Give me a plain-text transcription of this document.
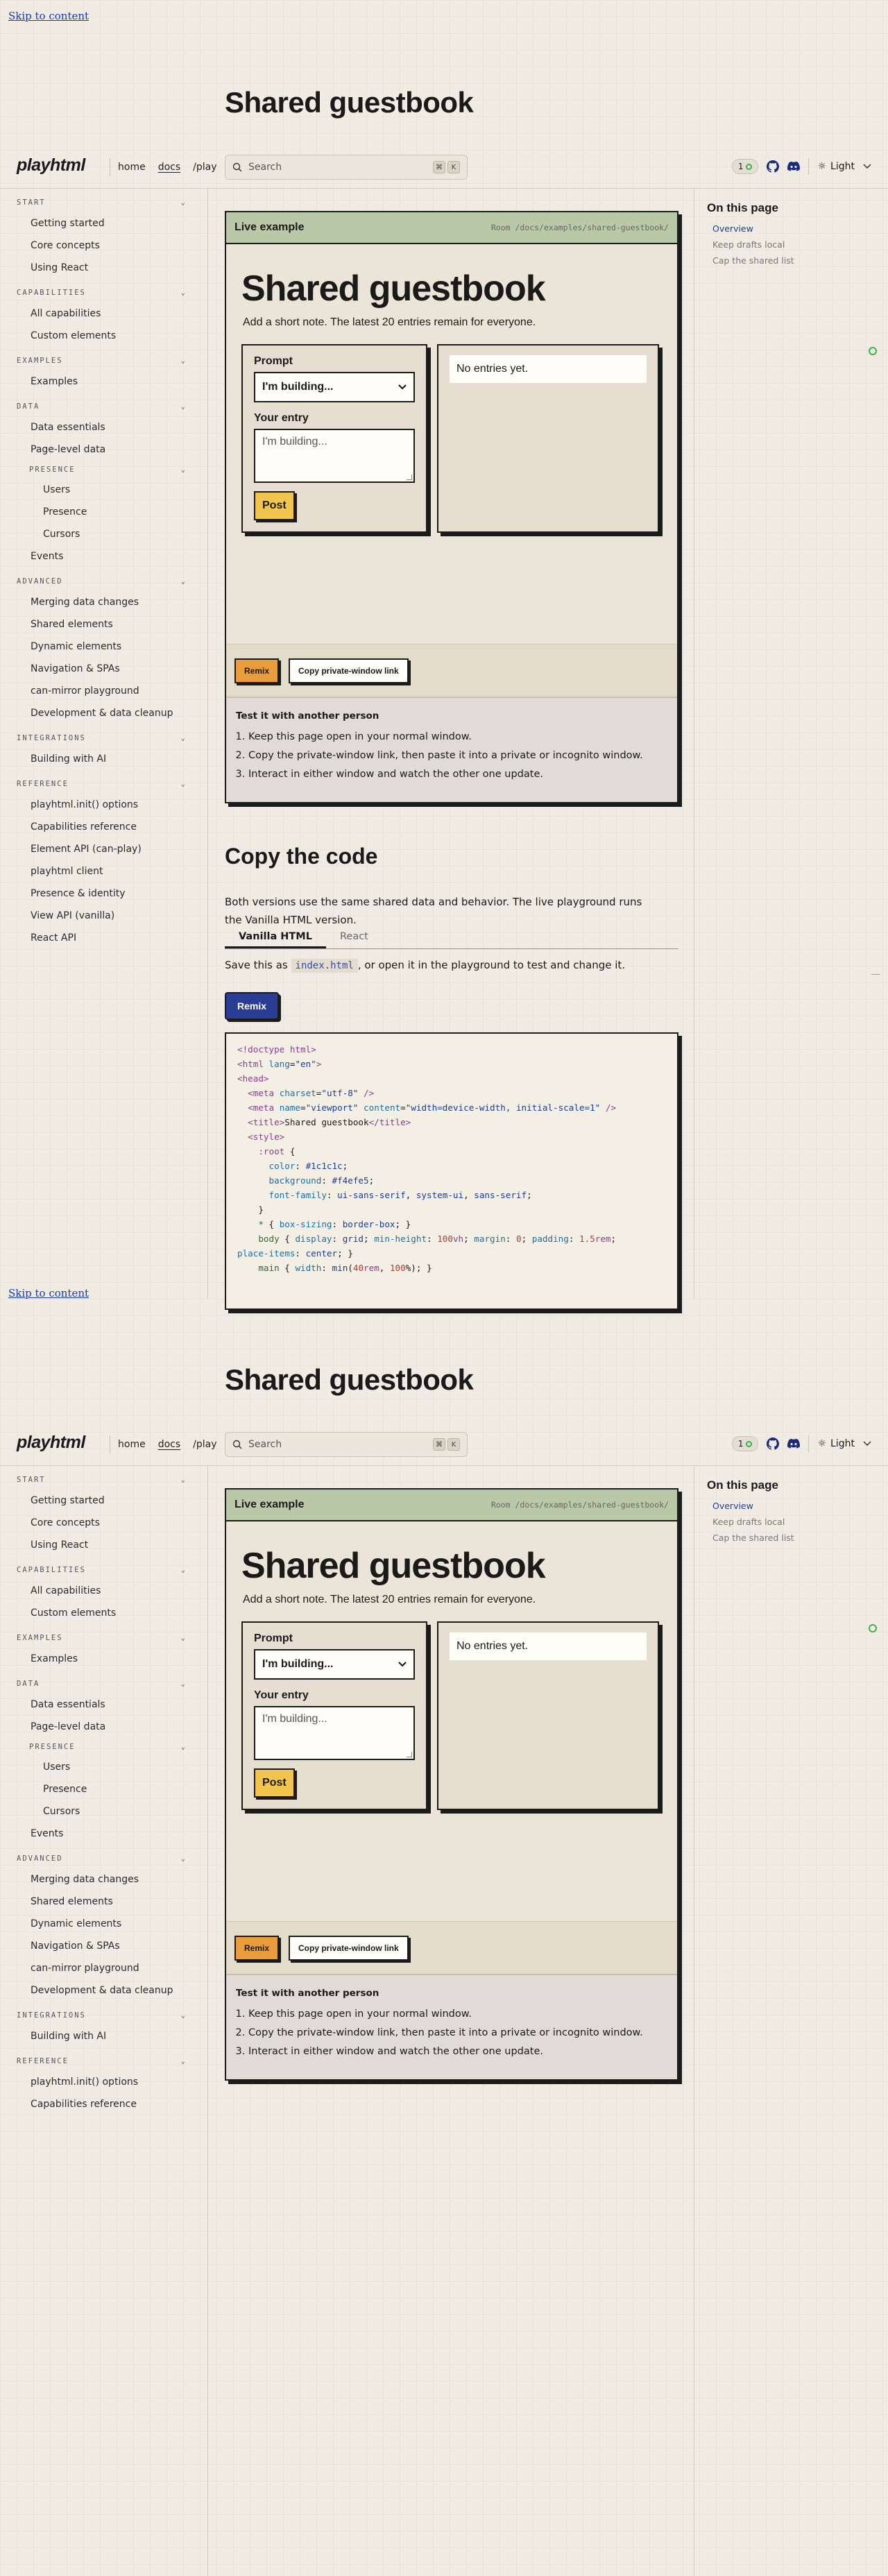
Skip to content
Shared guestbook
playhtml	home docs /play	Search	⌘	K	1	☼ Light
START	⌄
Getting started
Core concepts
Using React
CAPABILITIES	⌄
All capabilities
Custom elements
EXAMPLES	⌄
Examples
DATA	⌄
Data essentials
Page-level data
PRESENCE	⌄
Users
Presence
Cursors
Events
ADVANCED	⌄
Merging data changes
Shared elements
Dynamic elements
Navigation & SPAs
can-mirror playground
Development & data cleanup
INTEGRATIONS	⌄
Building with AI
REFERENCE	⌄
playhtml.init() options
Capabilities reference
Element API (can-play)
playhtml client
Presence & identity
View API (vanilla)
React API
On this page
Overview
Keep drafts local
Cap the shared list
Live example	Room /docs/examples/shared-guestbook/
Shared guestbook
Add a short note. The latest 20 entries remain for everyone.
Prompt
I'm building...
Your entry
I'm building...
Post
No entries yet.
Remix	Copy private-window link
Test it with another person
1. Keep this page open in your normal window.
2. Copy the private-window link, then paste it into a private or incognito window.
3. Interact in either window and watch the other one update.
Copy the code

Both versions use the same shared data and behavior. The live playground runs the Vanilla HTML version.

Vanilla HTML	React
Save this as index.html , or open it in the playground to test and change it.
Remix
<!doctype html>
<html lang="en">
<head>
<meta charset="utf-8" />
<meta name="viewport" content="width=device-width, initial-scale=1" />
<title>Shared guestbook</title>
<style>
:root {
color: #1c1c1c;
background: #f4efe5;
font-family: ui-sans-serif, system-ui, sans-serif;
}
* { box-sizing: border-box; }
body { display: grid; min-height: 100vh; margin: 0; padding: 1.5rem;
place-items: center; }
main { width: min(40rem, 100%); }
Skip to content
Shared guestbook
playhtml	home docs /play	Search	⌘	K	1	☼ Light
START	⌄
Getting started
Core concepts
Using React
CAPABILITIES	⌄
All capabilities
Custom elements
EXAMPLES	⌄
Examples
DATA	⌄
Data essentials
Page-level data
PRESENCE	⌄
Users
Presence
Cursors
Events
ADVANCED	⌄
Merging data changes
Shared elements
Dynamic elements
Navigation & SPAs
can-mirror playground
Development & data cleanup
INTEGRATIONS	⌄
Building with AI
REFERENCE	⌄
playhtml.init() options
Capabilities reference
On this page
Overview
Keep drafts local
Cap the shared list
Live example	Room /docs/examples/shared-guestbook/
Shared guestbook
Add a short note. The latest 20 entries remain for everyone.
Prompt
I'm building...
Your entry
I'm building...
Post
No entries yet.
Remix	Copy private-window link
Test it with another person
1. Keep this page open in your normal window.
2. Copy the private-window link, then paste it into a private or incognito window.
3. Interact in either window and watch the other one update.
